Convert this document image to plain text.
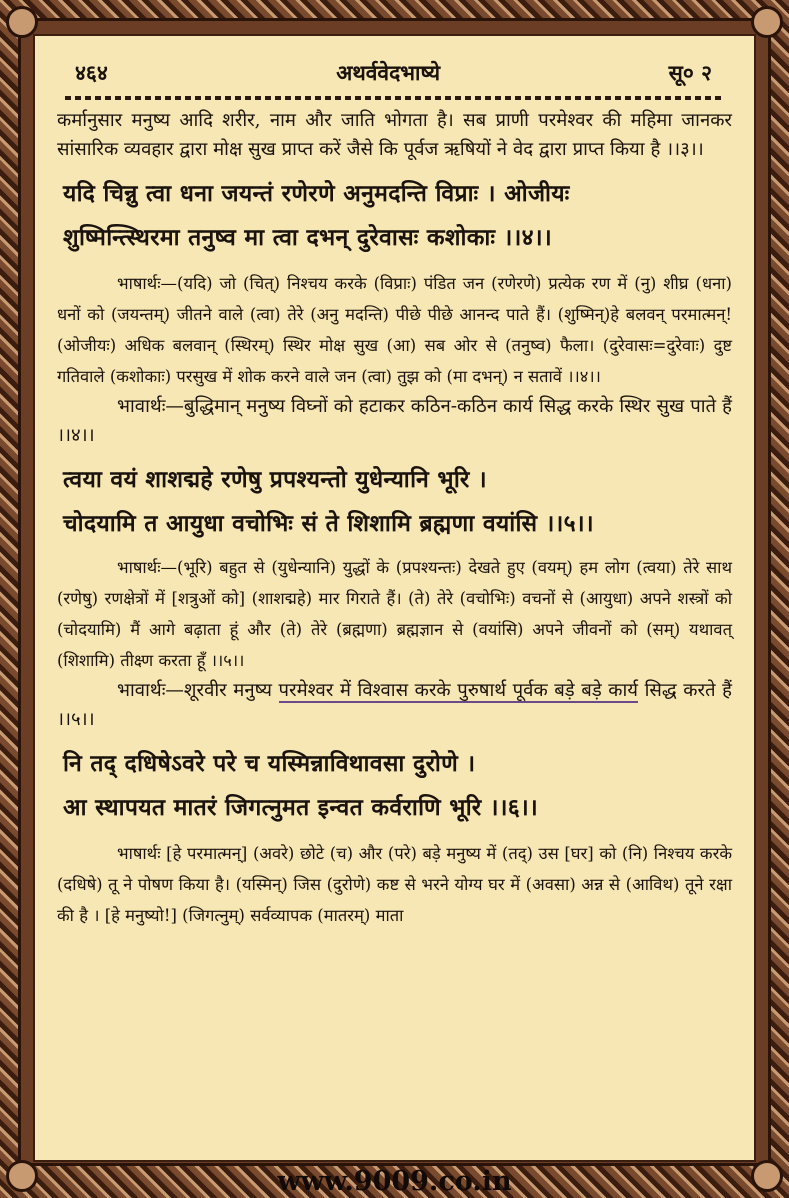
४६४	अथर्ववेदभाष्ये	सू० २

कर्मानुसार मनुष्य आदि शरीर, नाम और जाति भोगता है। सब प्राणी परमेश्वर की महिमा जानकर सांसारिक व्यवहार द्वारा मोक्ष सुख प्राप्त करें जैसे कि पूर्वज ऋषियों ने वेद द्वारा प्राप्त किया है ।।३।।

यदि चिन्नु त्वा धना जयन्तं रणेरणे अनुमदन्ति विप्राः । ओजीयः

शुष्मिन्त्स्थिरमा तनुष्व मा त्वा दभन् दुरेवासः कशोकाः ।।४।।

भाषार्थः—(यदि) जो (चित्) निश्चय करके (विप्राः) पंडित जन (रणेरणे) प्रत्येक रण में (नु) शीघ्र (धना) धनों को (जयन्तम्) जीतने वाले (त्वा) तेरे (अनु मदन्ति) पीछे पीछे आनन्द पाते हैं। (शुष्मिन्)हे बलवन् परमात्मन्! (ओजीयः) अधिक बलवान् (स्थिरम्) स्थिर मोक्ष सुख (आ) सब ओर से (तनुष्व) फैला। (दुरेवासः=दुरेवाः) दुष्ट गतिवाले (कशोकाः) परसुख में शोक करने वाले जन (त्वा) तुझ को (मा दभन्) न सतावें ।।४।।

भावार्थः—बुद्धिमान् मनुष्य विघ्नों को हटाकर कठिन-कठिन कार्य सिद्ध करके स्थिर सुख पाते हैं ।।४।।

त्वया वयं शाशद्महे रणेषु प्रपश्यन्तो युधेन्यानि भूरि ।

चोदयामि त आयुधा वचोभिः सं ते शिशामि ब्रह्मणा वयांसि ।।५।।

भाषार्थः—(भूरि) बहुत से (युधेन्यानि) युद्धों के (प्रपश्यन्तः) देखते हुए (वयम्) हम लोग (त्वया) तेरे साथ (रणेषु) रणक्षेत्रों में [शत्रुओं को] (शाशद्महे) मार गिराते हैं। (ते) तेरे (वचोभिः) वचनों से (आयुधा) अपने शस्त्रों को (चोदयामि) मैं आगे बढ़ाता हूं और (ते) तेरे (ब्रह्मणा) ब्रह्मज्ञान से (वयांसि) अपने जीवनों को (सम्) यथावत् (शिशामि) तीक्ष्ण करता हूँ ।।५।।

भावार्थः—शूरवीर मनुष्य परमेश्वर में विश्वास करके पुरुषार्थ पूर्वक बड़े बड़े कार्य सिद्ध करते हैं ।।५।।

नि तद् दधिषेऽवरे परे च यस्मिन्नाविथावसा दुरोणे ।

आ स्थापयत मातरं जिगत्नुमत इन्वत कर्वराणि भूरि ।।६।।

भाषार्थः [हे परमात्मन्] (अवरे) छोटे (च) और (परे) बड़े मनुष्य में (तद्) उस [घर] को (नि) निश्चय करके (दधिषे) तू ने पोषण किया है। (यस्मिन्) जिस (दुरोणे) कष्ट से भरने योग्य घर में (अवसा) अन्न से (आविथ) तूने रक्षा की है । [हे मनुष्यो!] (जिगत्नुम्) सर्वव्यापक (मातरम्) माता

www.9009.co.in
